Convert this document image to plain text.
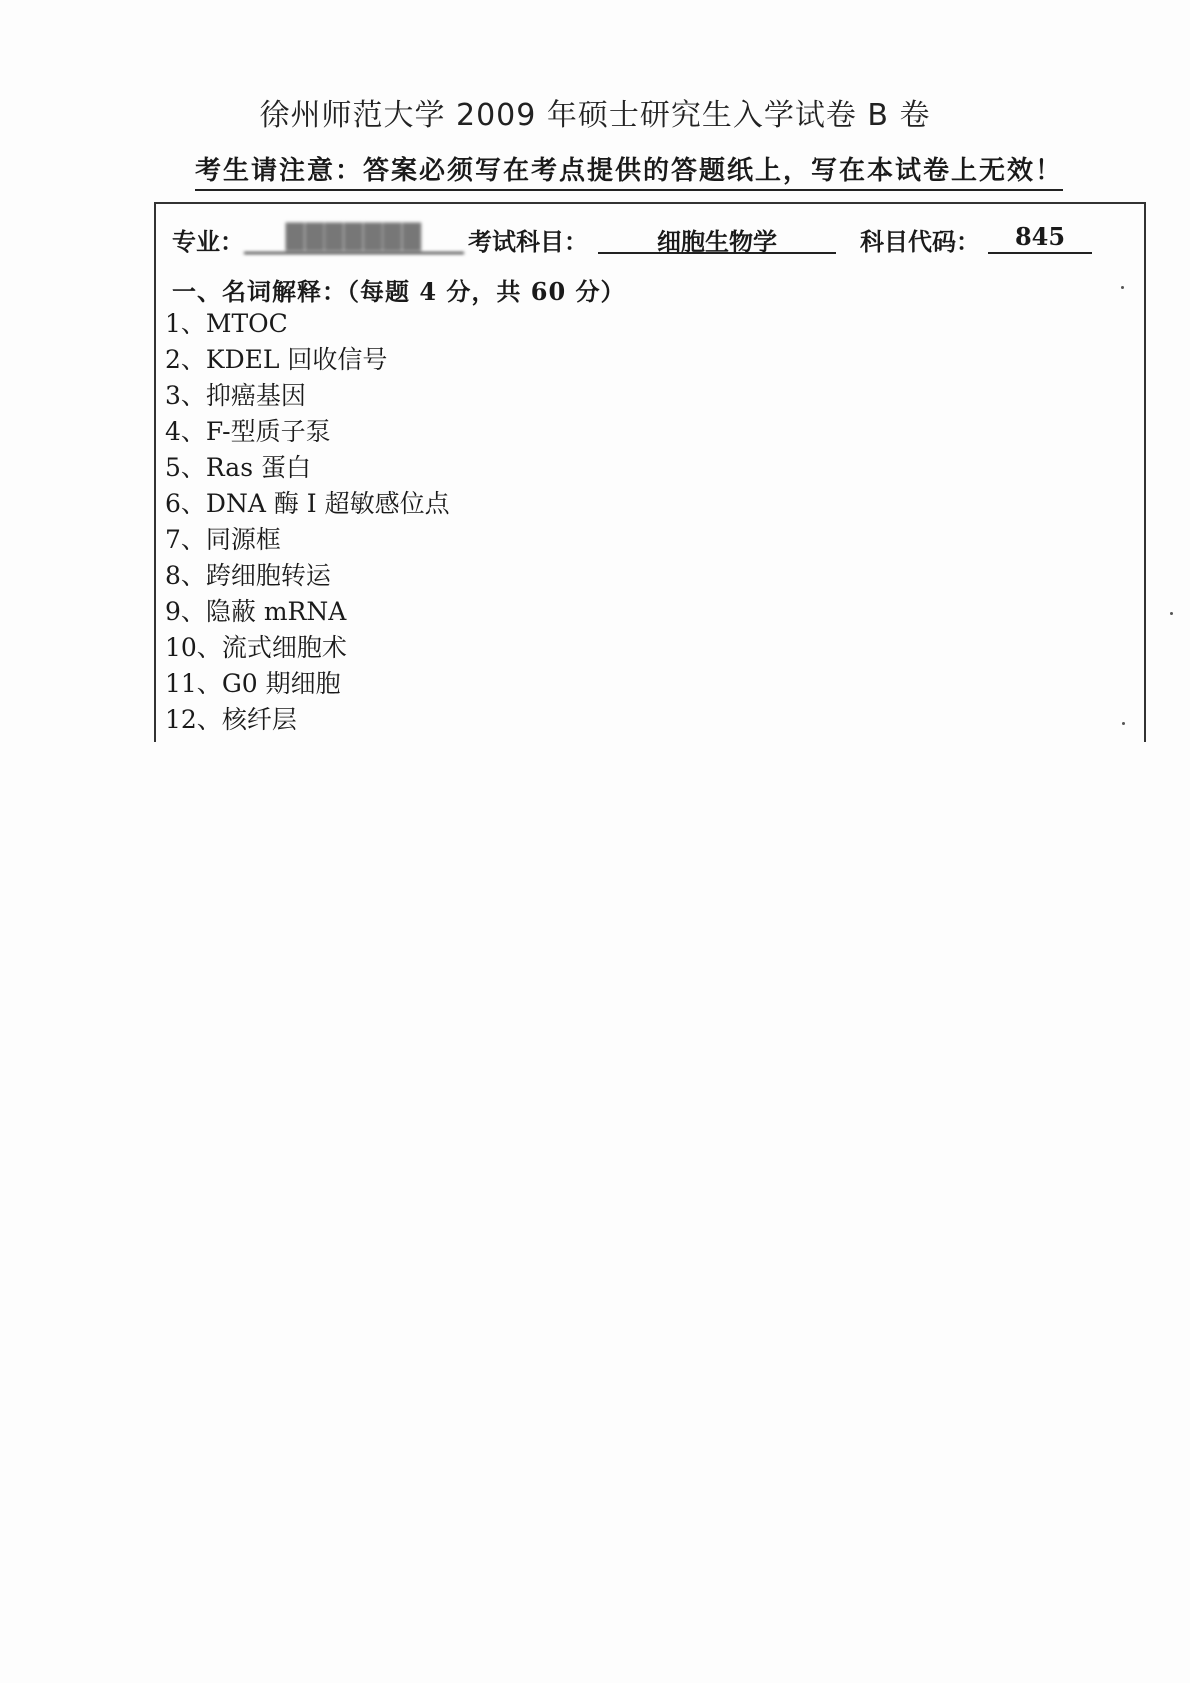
徐州师范大学 2009 年硕士研究生入学试卷 B 卷
考生请注意：答案必须写在考点提供的答题纸上，写在本试卷上无效！
专业：	███████	考试科目：	细胞生物学	科目代码：	845
一、名词解释：（每题 4 分，共 60 分）
1、MTOC
2、KDEL 回收信号
3、抑癌基因
4、F-型质子泵
5、Ras 蛋白
6、DNA 酶 I 超敏感位点
7、同源框
8、跨细胞转运
9、隐蔽 mRNA
10、流式细胞术
11、G0 期细胞
12、核纤层
